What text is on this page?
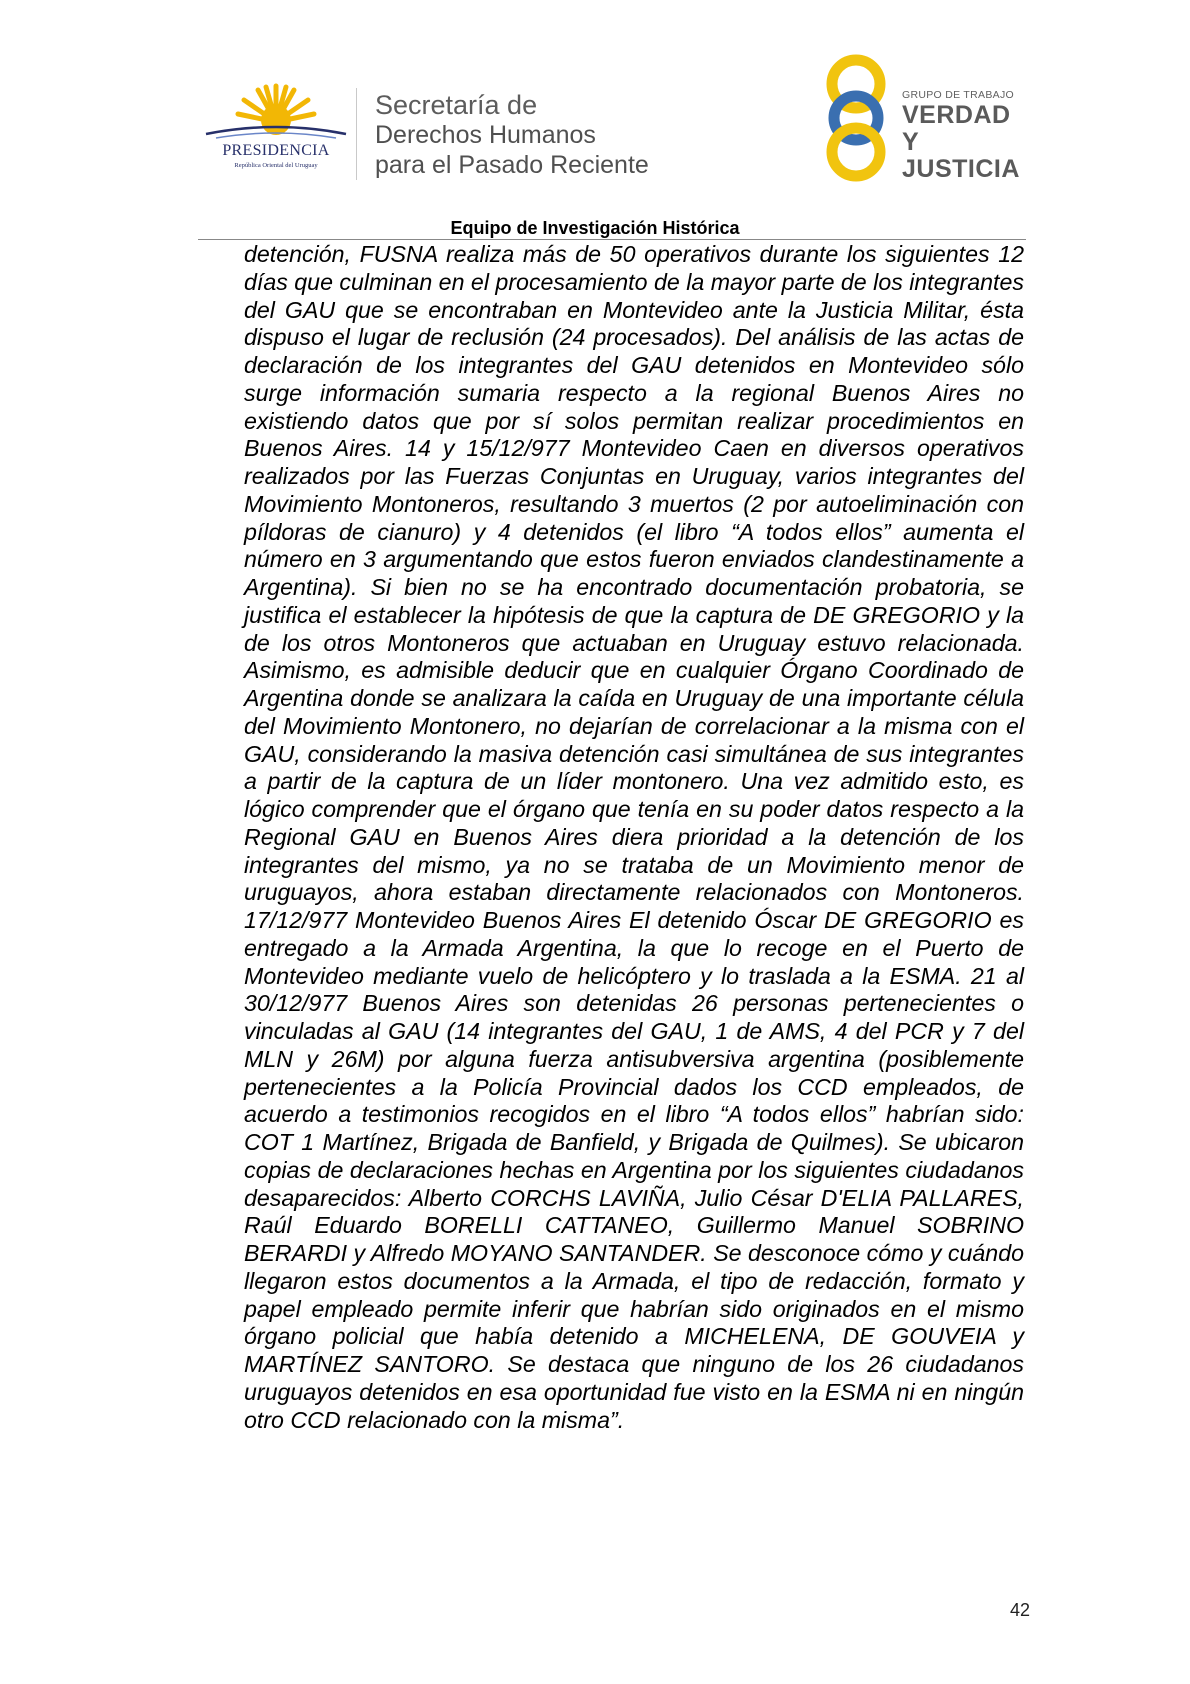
PRESIDENCIA
República Oriental del Uruguay
Secretaría de
Derechos Humanos
para el Pasado Reciente
GRUPO DE TRABAJO
VERDAD Y
JUSTICIA
Equipo de Investigación Histórica
detención, FUSNA realiza más de 50 operativos durante los siguientes 12 días que culminan en el procesamiento de la mayor parte de los integrantes del GAU que se encontraban en Montevideo ante la Justicia Militar, ésta dispuso el lugar de reclusión (24 procesados). Del análisis de las actas de declaración de los integrantes del GAU detenidos en Montevideo sólo surge información sumaria respecto a la regional Buenos Aires no existiendo datos que por sí solos permitan realizar procedimientos en Buenos Aires. 14 y 15/12/977 Montevideo Caen en diversos operativos realizados por las Fuerzas Conjuntas en Uruguay, varios integrantes del Movimiento Montoneros, resultando 3 muertos (2 por autoeliminación con píldoras de cianuro) y 4 detenidos (el libro “A todos ellos” aumenta el número en 3 argumentando que estos fueron enviados clandestinamente a Argentina). Si bien no se ha encontrado documentación probatoria, se justifica el establecer la hipótesis de que la captura de DE GREGORIO y la de los otros Montoneros que actuaban en Uruguay estuvo relacionada. Asimismo, es admisible deducir que en cualquier Órgano Coordinado de Argentina donde se analizara la caída en Uruguay de una importante célula del Movimiento Montonero, no dejarían de correlacionar a la misma con el GAU, considerando la masiva detención casi simultánea de sus integrantes a partir de la captura de un líder montonero. Una vez admitido esto, es lógico comprender que el órgano que tenía en su poder datos respecto a la Regional GAU en Buenos Aires diera prioridad a la detención de los integrantes del mismo, ya no se trataba de un Movimiento menor de uruguayos, ahora estaban directamente relacionados con Montoneros. 17/12/977 Montevideo Buenos Aires El detenido Óscar DE GREGORIO es entregado a la Armada Argentina, la que lo recoge en el Puerto de Montevideo mediante vuelo de helicóptero y lo traslada a la ESMA. 21 al 30/12/977 Buenos Aires son detenidas 26 personas pertenecientes o vinculadas al GAU (14 integrantes del GAU, 1 de AMS, 4 del PCR y 7 del MLN y 26M) por alguna fuerza antisubversiva argentina (posiblemente pertenecientes a la Policía Provincial dados los CCD empleados, de acuerdo a testimonios recogidos en el libro “A todos ellos” habrían sido: COT 1 Martínez, Brigada de Banfield, y Brigada de Quilmes). Se ubicaron copias de declaraciones hechas en Argentina por los siguientes ciudadanos desaparecidos: Alberto CORCHS LAVIÑA, Julio César D'ELIA PALLARES, Raúl Eduardo BORELLI CATTANEO, Guillermo Manuel SOBRINO BERARDI y Alfredo MOYANO SANTANDER. Se desconoce cómo y cuándo llegaron estos documentos a la Armada, el tipo de redacción, formato y papel empleado permite inferir que habrían sido originados en el mismo órgano policial que había detenido a MICHELENA, DE GOUVEIA y MARTÍNEZ SANTORO. Se destaca que ninguno de los 26 ciudadanos uruguayos detenidos en esa oportunidad fue visto en la ESMA ni en ningún otro CCD relacionado con la misma”.
42
